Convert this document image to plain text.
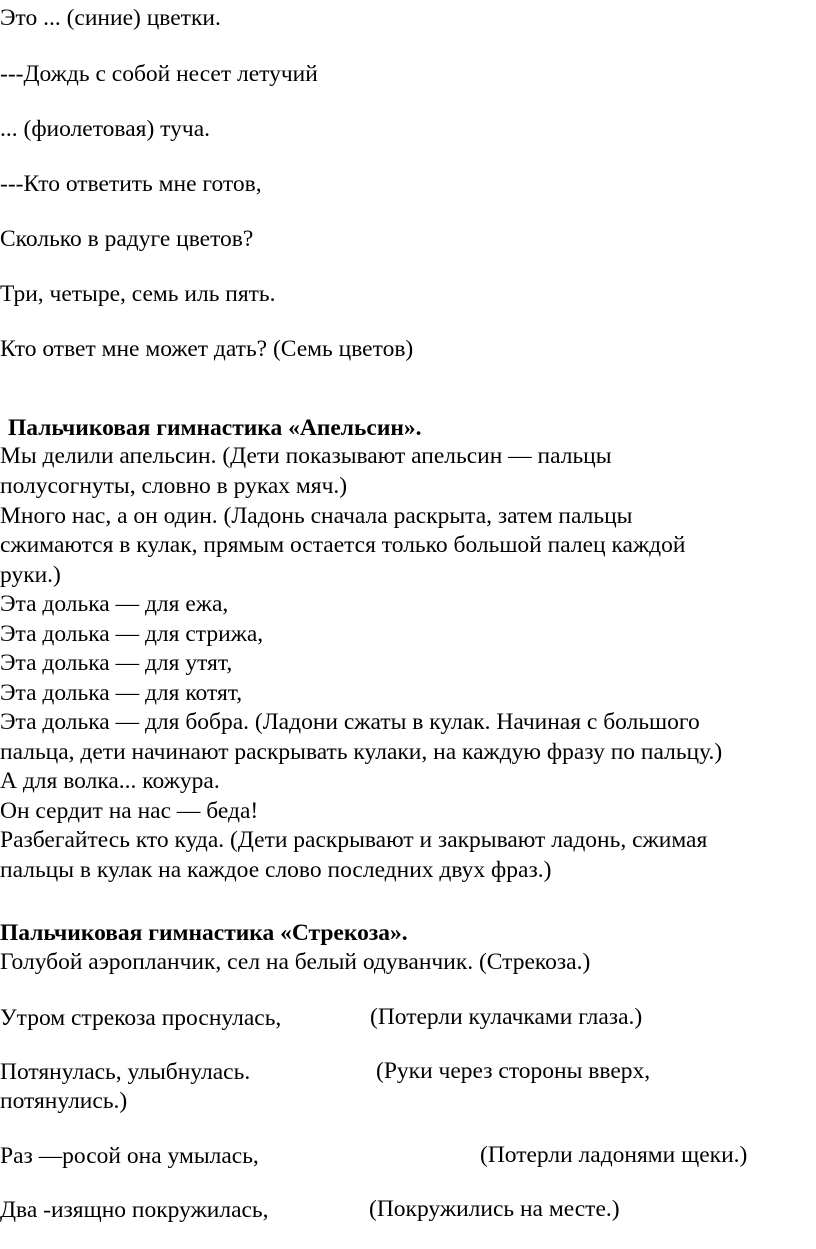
Это ... (синие) цветки.
---Дождь с собой несет летучий
... (фиолетовая) туча.
---Кто ответить мне готов,
Сколько в радуге цветов?
Три, четыре, семь иль пять.
Кто ответ мне может дать? (Семь цветов)
Пальчиковая гимнастика «Апельсин».
Мы делили апельсин. (Дети показывают апельсин — пальцы
полусогнуты, словно в руках мяч.)
Много нас, а он один. (Ладонь сначала раскрыта, затем пальцы
сжимаются в кулак, прямым остается только большой палец каждой
руки.)
Эта долька — для ежа,
Эта долька — для стрижа,
Эта долька — для утят,
Эта долька — для котят,
Эта долька — для бобра. (Ладони сжаты в кулак. Начиная с большого
пальца, дети начинают раскрывать кулаки, на каждую фразу по пальцу.)
А для волка... кожура.
Он сердит на нас — беда!
Разбегайтесь кто куда. (Дети раскрывают и закрывают ладонь, сжимая
пальцы в кулак на каждое слово последних двух фраз.)
Пальчиковая гимнастика «Стрекоза».
Голубой аэропланчик, сел на белый одуванчик. (Стрекоза.)
Утром стрекоза проснулась,	(Потерли кулачками глаза.)
Потянулась, улыбнулась.	(Руки через стороны вверх,
потянулись.)
Раз —росой она умылась,	(Потерли ладонями щеки.)
Два -изящно покружилась,	(Покружились на месте.)
